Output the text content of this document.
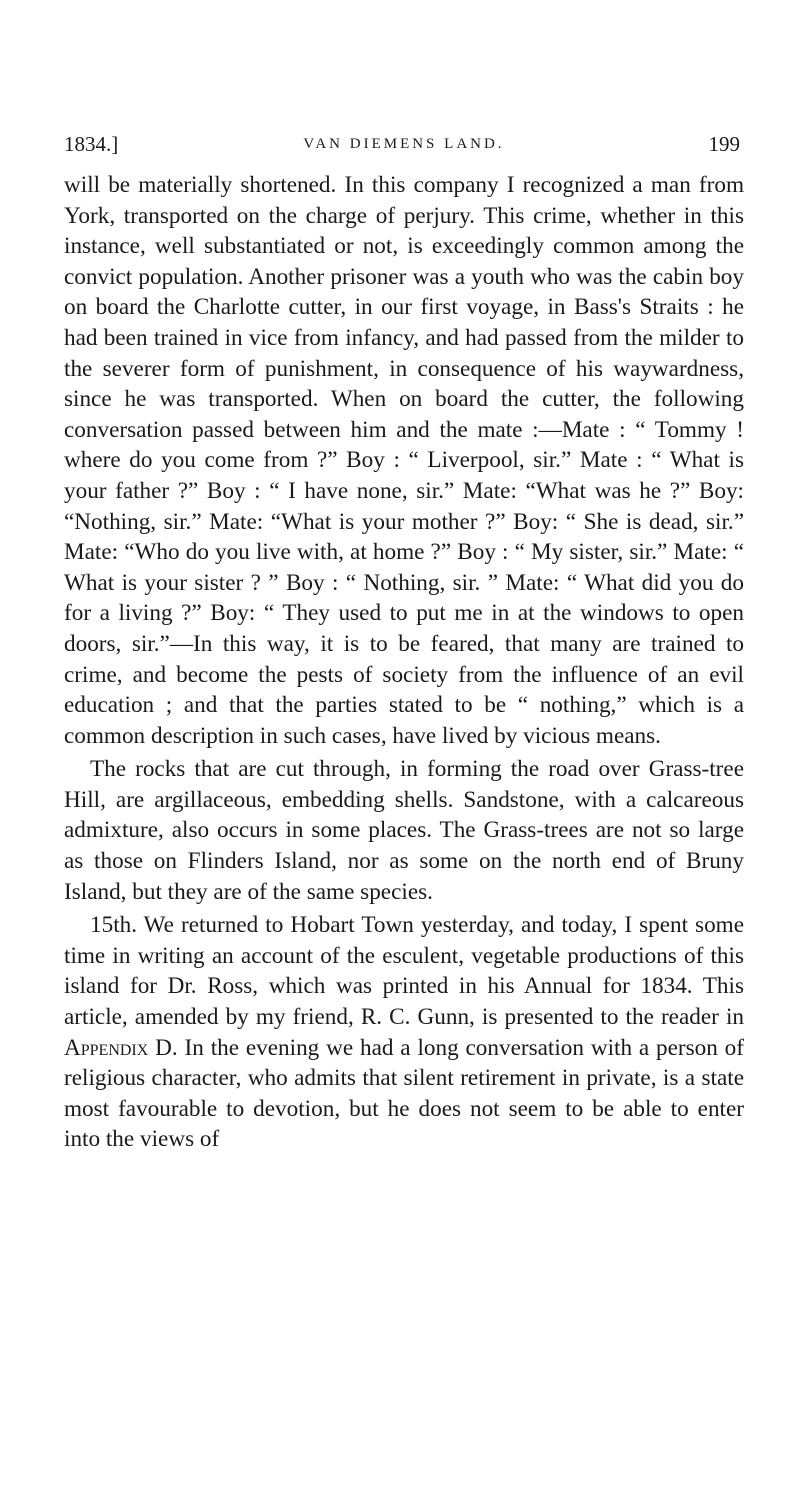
1834.]	VAN DIEMENS LAND.	199

will be materially shortened. In this company I recognized a man from York, transported on the charge of perjury. This crime, whether in this instance, well substantiated or not, is exceedingly common among the convict population. Another prisoner was a youth who was the cabin boy on board the Charlotte cutter, in our first voyage, in Bass's Straits : he had been trained in vice from infancy, and had passed from the milder to the severer form of punishment, in consequence of his waywardness, since he was transported. When on board the cutter, the following conversation passed between him and the mate :—Mate : “ Tommy ! where do you come from ?” Boy : “ Liverpool, sir.” Mate : “ What is your father ?” Boy : “ I have none, sir.” Mate: “What was he ?” Boy: “Nothing, sir.” Mate: “What is your mother ?” Boy: “ She is dead, sir.” Mate: “Who do you live with, at home ?” Boy : “ My sister, sir.” Mate: “ What is your sister ? ” Boy : “ Nothing, sir. ” Mate: “ What did you do for a living ?” Boy: “ They used to put me in at the windows to open doors, sir.”—In this way, it is to be feared, that many are trained to crime, and become the pests of society from the influence of an evil education ; and that the parties stated to be “ nothing,” which is a common description in such cases, have lived by vicious means.

The rocks that are cut through, in forming the road over Grass-tree Hill, are argillaceous, embedding shells. Sandstone, with a calcareous admixture, also occurs in some places. The Grass-trees are not so large as those on Flinders Island, nor as some on the north end of Bruny Island, but they are of the same species.

15th. We returned to Hobart Town yesterday, and today, I spent some time in writing an account of the esculent, vegetable productions of this island for Dr. Ross, which was printed in his Annual for 1834. This article, amended by my friend, R. C. Gunn, is presented to the reader in Appendix D. In the evening we had a long conversation with a person of religious character, who admits that silent retirement in private, is a state most favourable to devotion, but he does not seem to be able to enter into the views of
